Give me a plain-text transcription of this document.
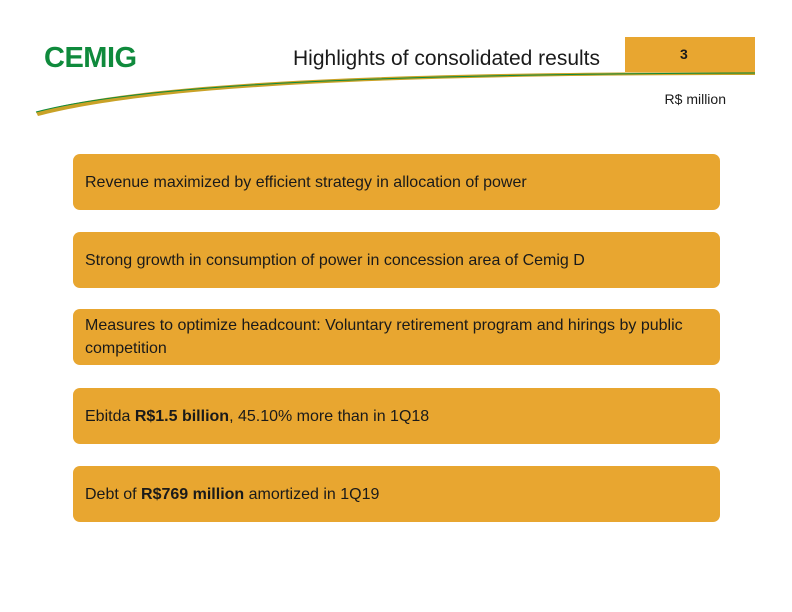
CEMIG	Highlights of consolidated results	3
R$ million
Revenue maximized by efficient strategy in allocation of power
Strong growth in consumption of power in concession area of Cemig D
Measures to optimize headcount: Voluntary retirement program and hirings by public competition
Ebitda R$1.5 billion, 45.10% more than in 1Q18
Debt of R$769 million amortized in 1Q19
